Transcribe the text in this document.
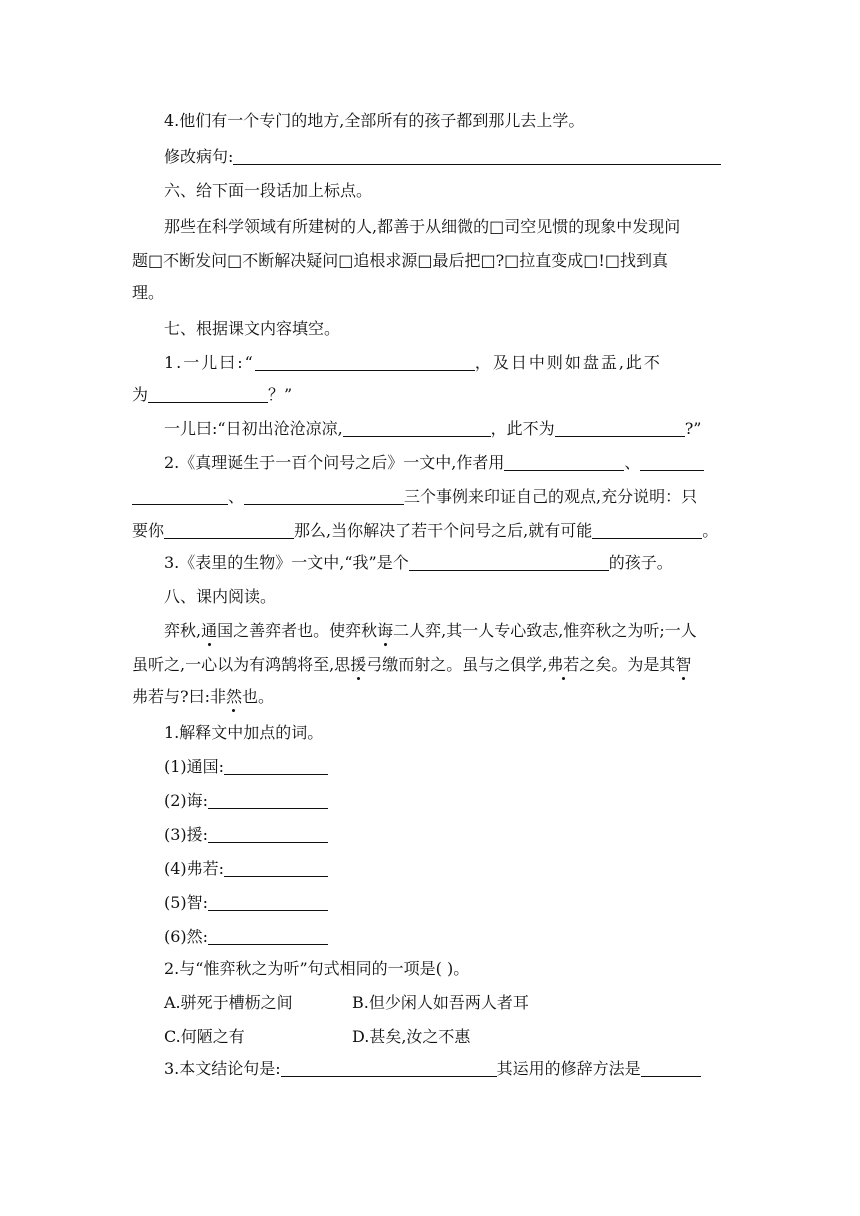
4.他们有一个专门的地方,全部所有的孩子都到那儿去上学。
修改病句:
六、给下面一段话加上标点。
那些在科学领域有所建树的人,都善于从细微的□司空见惯的现象中发现问
题□不断发问□不断解决疑问□追根求源□最后把□?□拉直变成□!□找到真
理。
七、根据课文内容填空。
1.一儿曰:“	，及日中则如盘盂,此不
为	？”
一儿曰:“日初出沧沧凉凉,	，此不为	?”
2.《真理诞生于一百个问号之后》一文中,作者用	、
、	三个事例来印证自己的观点,充分说明：只
要你	那么,当你解决了若干个问号之后,就有可能	。
3.《表里的生物》一文中,“我”是个	的孩子。
八、课内阅读。
弈秋,通国之善弈者也。使弈秋诲二人弈,其一人专心致志,惟弈秋之为听;一人
虽听之,一心以为有鸿鹄将至,思援弓缴而射之。虽与之俱学,弗若之矣。为是其智
弗若与?曰:非然也。
1.解释文中加点的词。
(1)通国:
(2)诲:
(3)援:
(4)弗若:
(5)智:
(6)然:
2.与“惟弈秋之为听”句式相同的一项是( )。
A.骈死于槽枥之间	B.但少闲人如吾两人者耳
C.何陋之有	D.甚矣,汝之不惠
3.本文结论句是:	其运用的修辞方法是
